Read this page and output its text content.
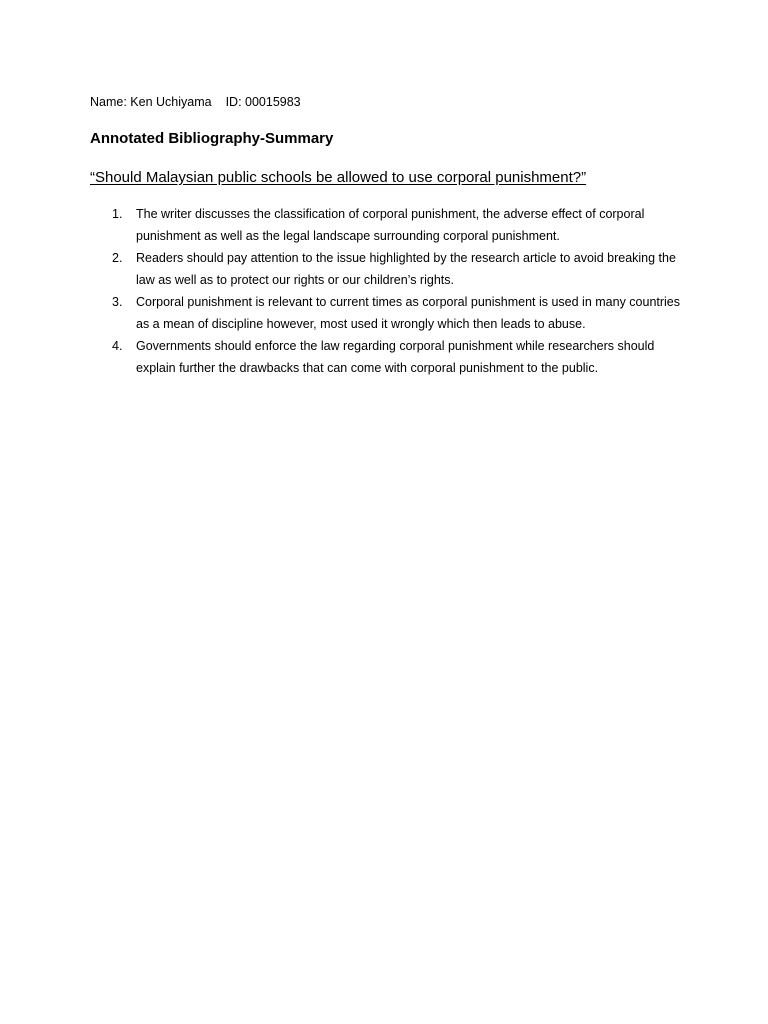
Name: Ken Uchiyama ID: 00015983
Annotated Bibliography-Summary
“Should Malaysian public schools be allowed to use corporal punishment?”
1. The writer discusses the classification of corporal punishment, the adverse effect of corporal punishment as well as the legal landscape surrounding corporal punishment.
2. Readers should pay attention to the issue highlighted by the research article to avoid breaking the law as well as to protect our rights or our children’s rights.
3. Corporal punishment is relevant to current times as corporal punishment is used in many countries as a mean of discipline however, most used it wrongly which then leads to abuse.
4. Governments should enforce the law regarding corporal punishment while researchers should explain further the drawbacks that can come with corporal punishment to the public.
